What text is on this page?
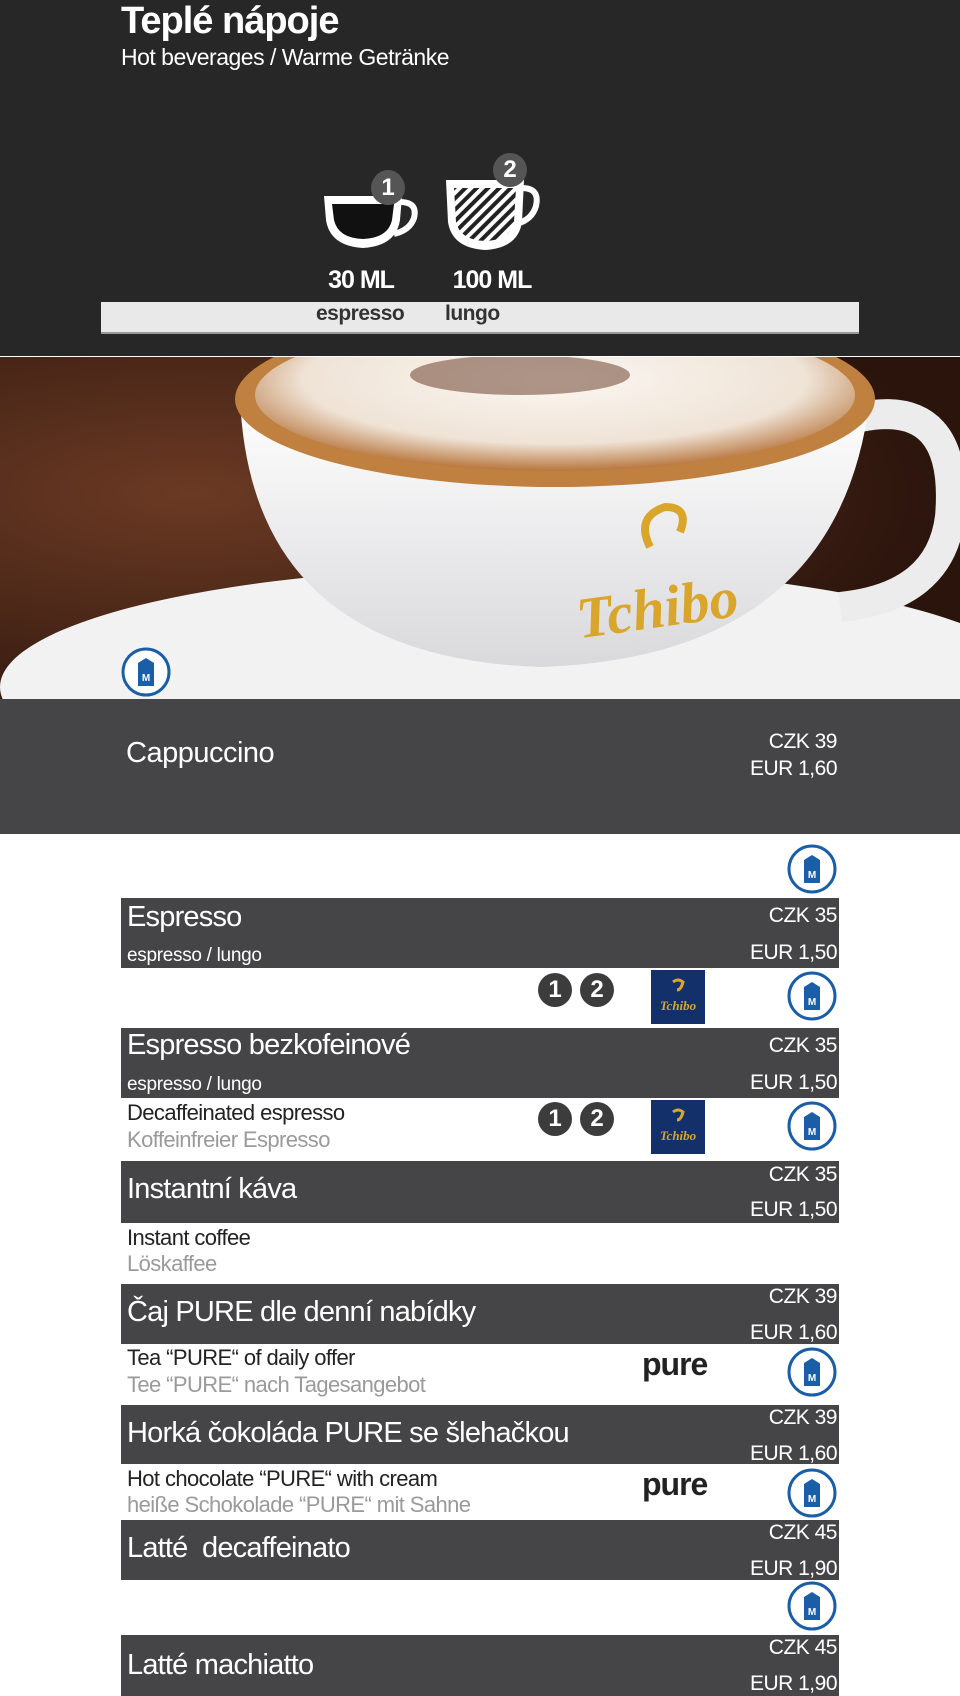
Teplé nápoje
Hot beverages / Warme Getränke
1
30 ML
2
100 ML
espresso lungo
Tchibo
M
Cappuccino	CZK 39
EUR 1,60
M
Espresso
espresso / lungo
CZK 35
EUR 1,50
1	2
Tchibo	M
Espresso bezkofeinové
espresso / lungo
CZK 35
EUR 1,50
Decaffeinated espresso
Koffeinfreier Espresso
1	2
Tchibo	M
Instantní káva	CZK 35
EUR 1,50
Instant coffee
Löskaffee
Čaj PURE dle denní nabídky	CZK 39
EUR 1,60
Tea “PURE“ of daily offer
Tee “PURE“ nach Tagesangebot
pure	M
Horká čokoláda PURE se šlehačkou	CZK 39
EUR 1,60
Hot chocolate “PURE“ with cream
heiße Schokolade “PURE“ mit Sahne
pure	M
Latté  decaffeinato	CZK 45
EUR 1,90
M
Latté machiatto
CZK 45
EUR 1,90
